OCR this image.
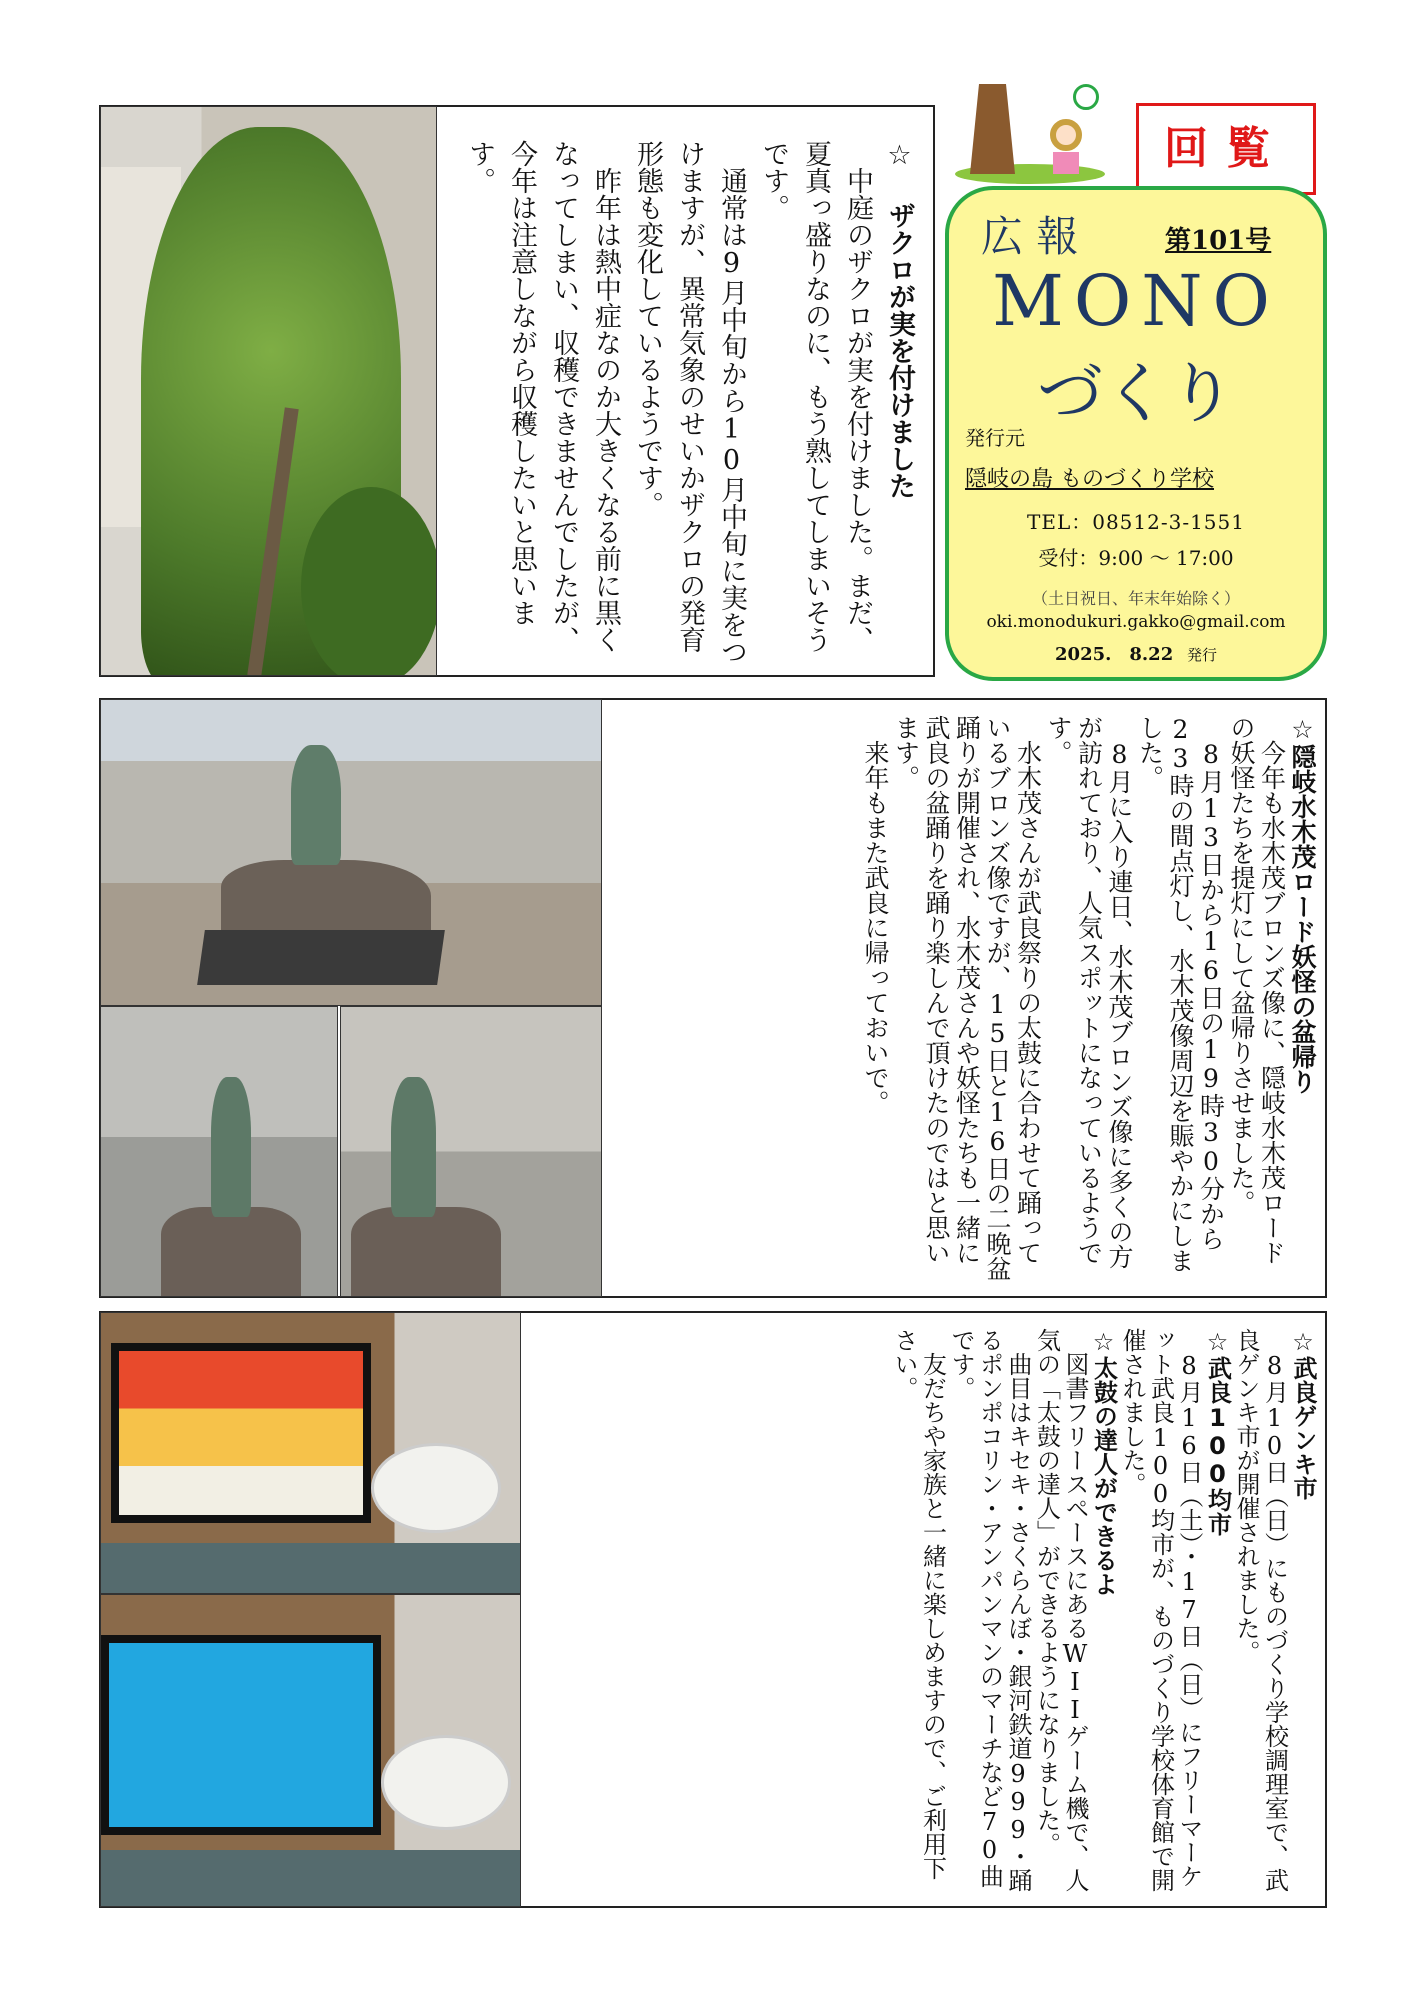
☆ ザクロが実を付けました

中庭のザクロが実を付けました。まだ、夏真っ盛りなのに、もう熟してしまいそうです。

通常は9月中旬から10月中旬に実をつけますが、異常気象のせいかザクロの発育形態も変化しているようです。

昨年は熱中症なのか大きくなる前に黒くなってしまい、収穫できませんでしたが、今年は注意しながら収穫したいと思います。	回覧
広 報	第101号
MONO
づくり
発行元
隠岐の島 ものづくり学校
TEL：08512-3-1551
受付：9:00 ～ 17:00
（土日祝日、年末年始除く）
oki.monodukuri.gakko@gmail.com
2025.　8.22 発行

☆隠岐水木茂ロード妖怪の盆帰り

今年も水木茂ブロンズ像に、隠岐水木茂ロードの妖怪たちを提灯にして盆帰りさせました。

8月13日から16日の19時30分から23時の間点灯し、水木茂像周辺を賑やかにしました。

8月に入り連日、水木茂ブロンズ像に多くの方が訪れており、人気スポットになっているようです。

水木茂さんが武良祭りの太鼓に合わせて踊っているブロンズ像ですが、15日と16日の二晩盆踊りが開催され、水木茂さんや妖怪たちも一緒に武良の盆踊りを踊り楽しんで頂けたのではと思います。

来年もまた武良に帰っておいで。

☆武良ゲンキ市

8月10日（日）にものづくり学校調理室で、武良ゲンキ市が開催されました。

☆武良100均市

8月16日（土）・17日（日）にフリーマーケット武良100均市が、ものづくり学校体育館で開催されました。

☆太鼓の達人ができるよ

図書フリースペースにあるWIIゲーム機で、人気の「太鼓の達人」ができるようになりました。

曲目はキセキ・さくらんぼ・銀河鉄道999・踊るポンポコリン・アンパンマンのマーチなど70曲です。

友だちや家族と一緒に楽しめますので、ご利用下さい。
